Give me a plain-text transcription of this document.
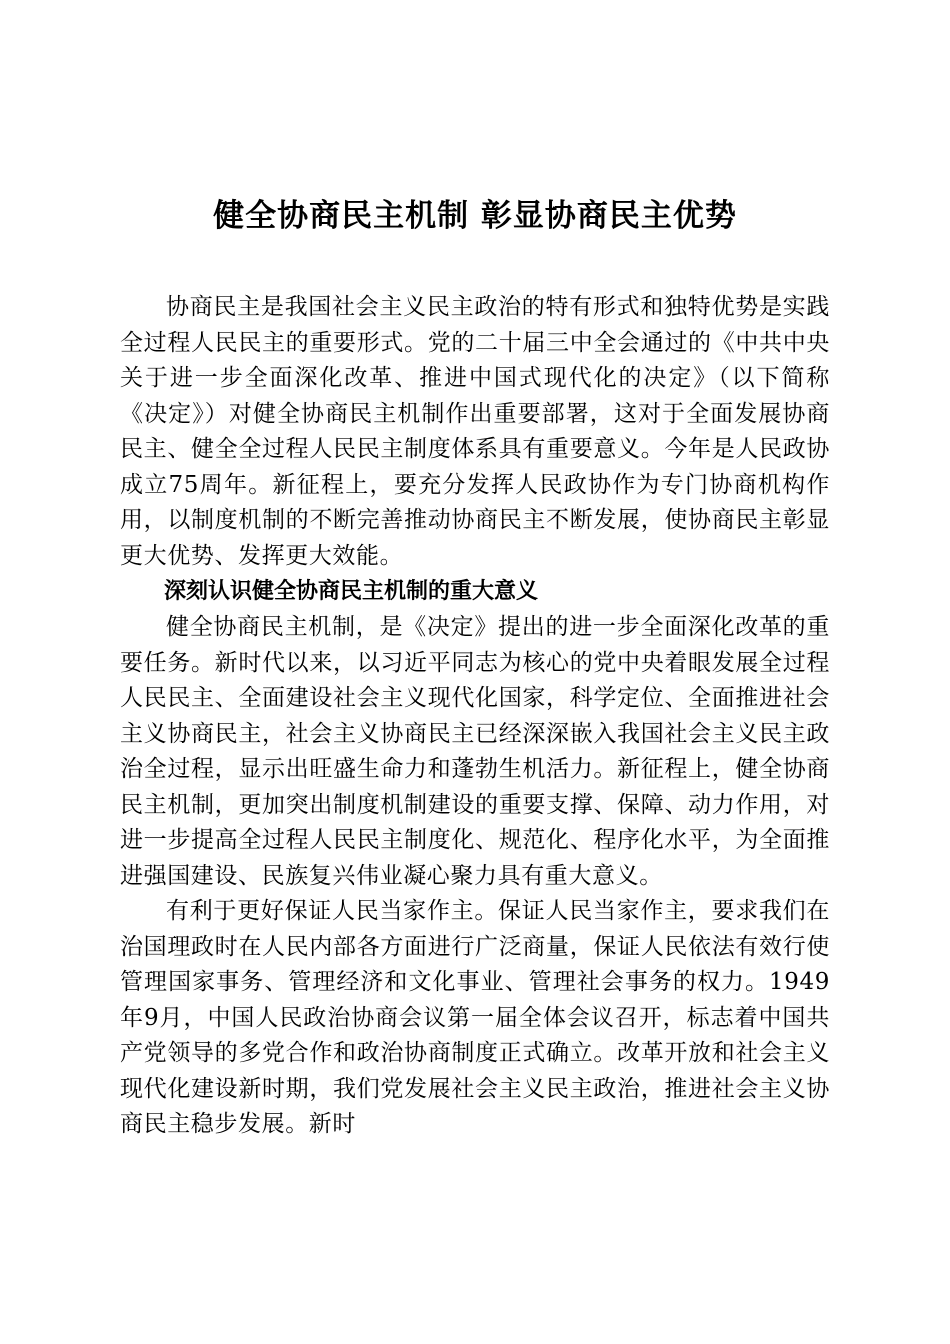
健全协商民主机制 彰显协商民主优势

协商民主是我国社会主义民主政治的特有形式和独特优势是实践全过程人民民主的重要形式。党的二十届三中全会通过的《中共中央关于进一步全面深化改革、推进中国式现代化的决定》（以下简称《决定》）对健全协商民主机制作出重要部署，这对于全面发展协商民主、健全全过程人民民主制度体系具有重要意义。今年是人民政协成立75周年。新征程上，要充分发挥人民政协作为专门协商机构作用，以制度机制的不断完善推动协商民主不断发展，使协商民主彰显更大优势、发挥更大效能。

深刻认识健全协商民主机制的重大意义

健全协商民主机制，是《决定》提出的进一步全面深化改革的重要任务。新时代以来，以习近平同志为核心的党中央着眼发展全过程人民民主、全面建设社会主义现代化国家，科学定位、全面推进社会主义协商民主，社会主义协商民主已经深深嵌入我国社会主义民主政治全过程，显示出旺盛生命力和蓬勃生机活力。新征程上，健全协商民主机制，更加突出制度机制建设的重要支撑、保障、动力作用，对进一步提高全过程人民民主制度化、规范化、程序化水平，为全面推进强国建设、民族复兴伟业凝心聚力具有重大意义。

有利于更好保证人民当家作主。保证人民当家作主，要求我们在治国理政时在人民内部各方面进行广泛商量，保证人民依法有效行使管理国家事务、管理经济和文化事业、管理社会事务的权力。1949年9月，中国人民政治协商会议第一届全体会议召开，标志着中国共产党领导的多党合作和政治协商制度正式确立。改革开放和社会主义现代化建设新时期，我们党发展社会主义民主政治，推进社会主义协商民主稳步发展。新时
